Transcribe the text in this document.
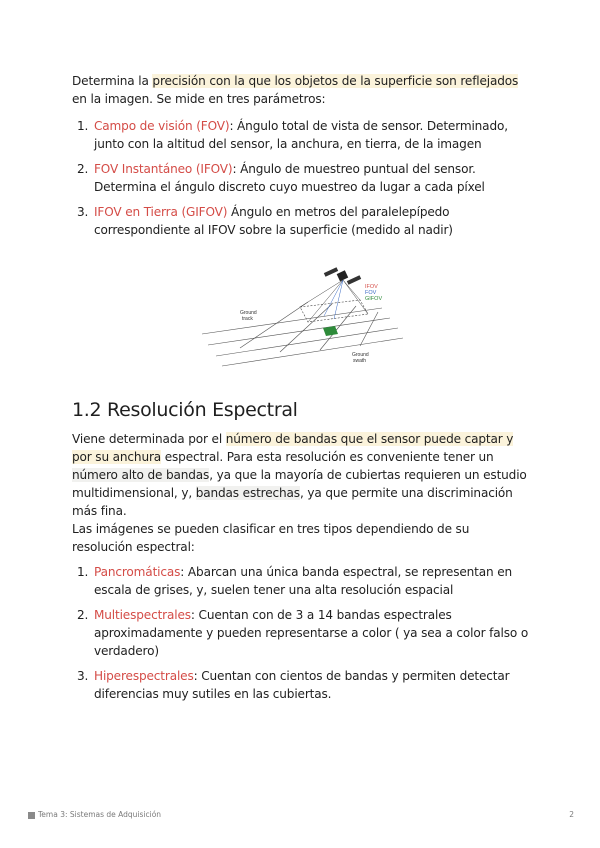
Determina la precisión con la que los objetos de la superficie son reflejados en la imagen. Se mide en tres parámetros:

1. Campo de visión (FOV): Ángulo total de vista de sensor. Determinado, junto con la altitud del sensor, la anchura, en tierra, de la imagen
2. FOV Instantáneo (IFOV): Ángulo de muestreo puntual del sensor. Determina el ángulo discreto cuyo muestreo da lugar a cada píxel
3. IFOV en Tierra (GIFOV) Ángulo en metros del paralelepípedo correspondiente al IFOV sobre la superficie (medido al nadir)
IFOV
FOV
GIFOV
Ground
track
Ground
swath
1.2 Resolución Espectral

Viene determinada por el número de bandas que el sensor puede captar y por su anchura espectral. Para esta resolución es conveniente tener un número alto de bandas, ya que la mayoría de cubiertas requieren un estudio multidimensional, y, bandas estrechas, ya que permite una discriminación más fina.

Las imágenes se pueden clasificar en tres tipos dependiendo de su resolución espectral:

1. Pancromáticas: Abarcan una única banda espectral, se representan en escala de grises, y, suelen tener una alta resolución espacial
2. Multiespectrales: Cuentan con de 3 a 14 bandas espectrales aproximadamente y pueden representarse a color ( ya sea a color falso o verdadero)
3. Hiperespectrales: Cuentan con cientos de bandas y permiten detectar diferencias muy sutiles en las cubiertas.
Tema 3: Sistemas de Adquisición	2
